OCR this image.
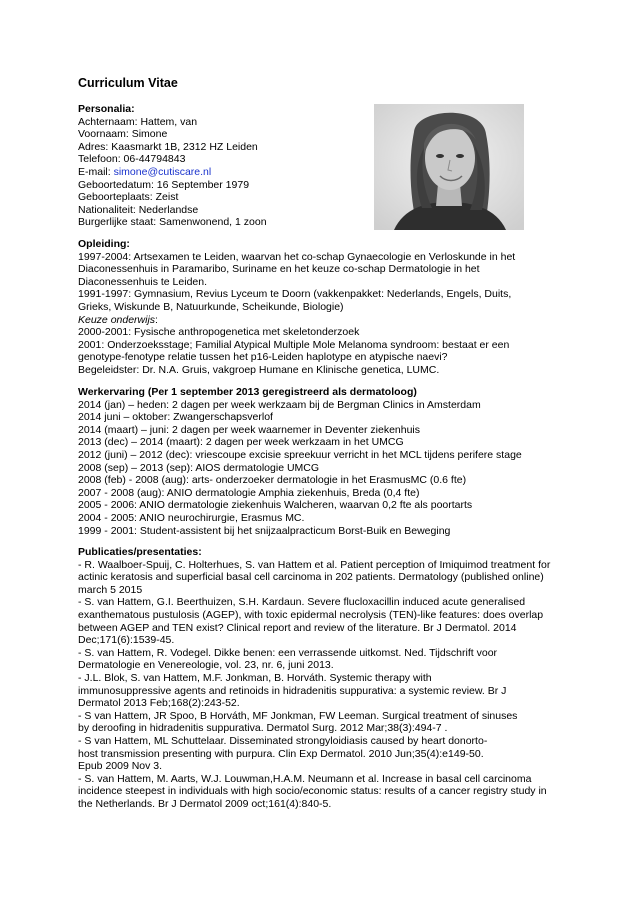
Curriculum Vitae
Personalia:
Achternaam: Hattem, van
Voornaam: Simone
Adres: Kaasmarkt 1B, 2312 HZ Leiden
Telefoon: 06-44794843
E-mail: simone@cutiscare.nl
Geboortedatum: 16 September 1979
Geboorteplaats: Zeist
Nationaliteit: Nederlandse
Burgerlijke staat: Samenwonend, 1 zoon
Opleiding:
1997-2004: Artsexamen te Leiden, waarvan het co-schap Gynaecologie en Verloskunde in het
Diaconessenhuis in Paramaribo, Suriname en het keuze co-schap Dermatologie in het
Diaconessenhuis te Leiden.
1991-1997: Gymnasium, Revius Lyceum te Doorn (vakkenpakket: Nederlands, Engels, Duits,
Grieks, Wiskunde B, Natuurkunde, Scheikunde, Biologie)
Keuze onderwijs:
2000-2001: Fysische anthropogenetica met skeletonderzoek
2001: Onderzoeksstage; Familial Atypical Multiple Mole Melanoma syndroom: bestaat er een
genotype-fenotype relatie tussen het p16-Leiden haplotype en atypische naevi?
Begeleidster: Dr. N.A. Gruis, vakgroep Humane en Klinische genetica, LUMC.
Werkervaring (Per 1 september 2013 geregistreerd als dermatoloog)
2014 (jan) – heden: 2 dagen per week werkzaam bij de Bergman Clinics in Amsterdam
2014 juni – oktober: Zwangerschapsverlof
2014 (maart) – juni: 2 dagen per week waarnemer in Deventer ziekenhuis
2013 (dec) – 2014 (maart): 2 dagen per week werkzaam in het UMCG
2012 (juni) – 2012 (dec): vriescoupe excisie spreekuur verricht in het MCL tijdens perifere stage
2008 (sep) – 2013 (sep): AIOS dermatologie UMCG
2008 (feb) - 2008 (aug): arts- onderzoeker dermatologie in het ErasmusMC (0.6 fte)
2007 - 2008 (aug): ANIO dermatologie Amphia ziekenhuis, Breda (0,4 fte)
2005 - 2006: ANIO dermatologie ziekenhuis Walcheren, waarvan 0,2 fte als poortarts
2004 - 2005: ANIO neurochirurgie, Erasmus MC.
1999 - 2001: Student-assistent bij het snijzaalpracticum Borst-Buik en Beweging
Publicaties/presentaties:
- R. Waalboer-Spuij, C. Holterhues, S. van Hattem et al. Patient perception of Imiquimod treatment for
actinic keratosis and superficial basal cell carcinoma in 202 patients. Dermatology (published online)
march 5 2015
- S. van Hattem, G.I. Beerthuizen, S.H. Kardaun. Severe flucloxacillin induced acute generalised
exanthematous pustulosis (AGEP), with toxic epidermal necrolysis (TEN)-like features: does overlap
between AGEP and TEN exist? Clinical report and review of the literature. Br J Dermatol. 2014
Dec;171(6):1539-45.
- S. van Hattem, R. Vodegel. Dikke benen: een verrassende uitkomst. Ned. Tijdschrift voor
Dermatologie en Venereologie, vol. 23, nr. 6, juni 2013.
- J.L. Blok, S. van Hattem, M.F. Jonkman, B. Horváth. Systemic therapy with
immunosuppressive agents and retinoids in hidradenitis suppurativa: a systemic review. Br J
Dermatol 2013 Feb;168(2):243-52.
- S van Hattem, JR Spoo, B Horváth, MF Jonkman, FW Leeman. Surgical treatment of sinuses
by deroofing in hidradenitis suppurativa. Dermatol Surg. 2012 Mar;38(3):494-7 .
- S van Hattem, ML Schuttelaar. Disseminated strongyloidiasis caused by heart donorto-
host transmission presenting with purpura. Clin Exp Dermatol. 2010 Jun;35(4):e149-50.
Epub 2009 Nov 3.
- S. van Hattem, M. Aarts, W.J. Louwman,H.A.M. Neumann et al. Increase in basal cell carcinoma
incidence steepest in individuals with high socio/economic status: results of a cancer registry study in
the Netherlands. Br J Dermatol 2009 oct;161(4):840-5.
